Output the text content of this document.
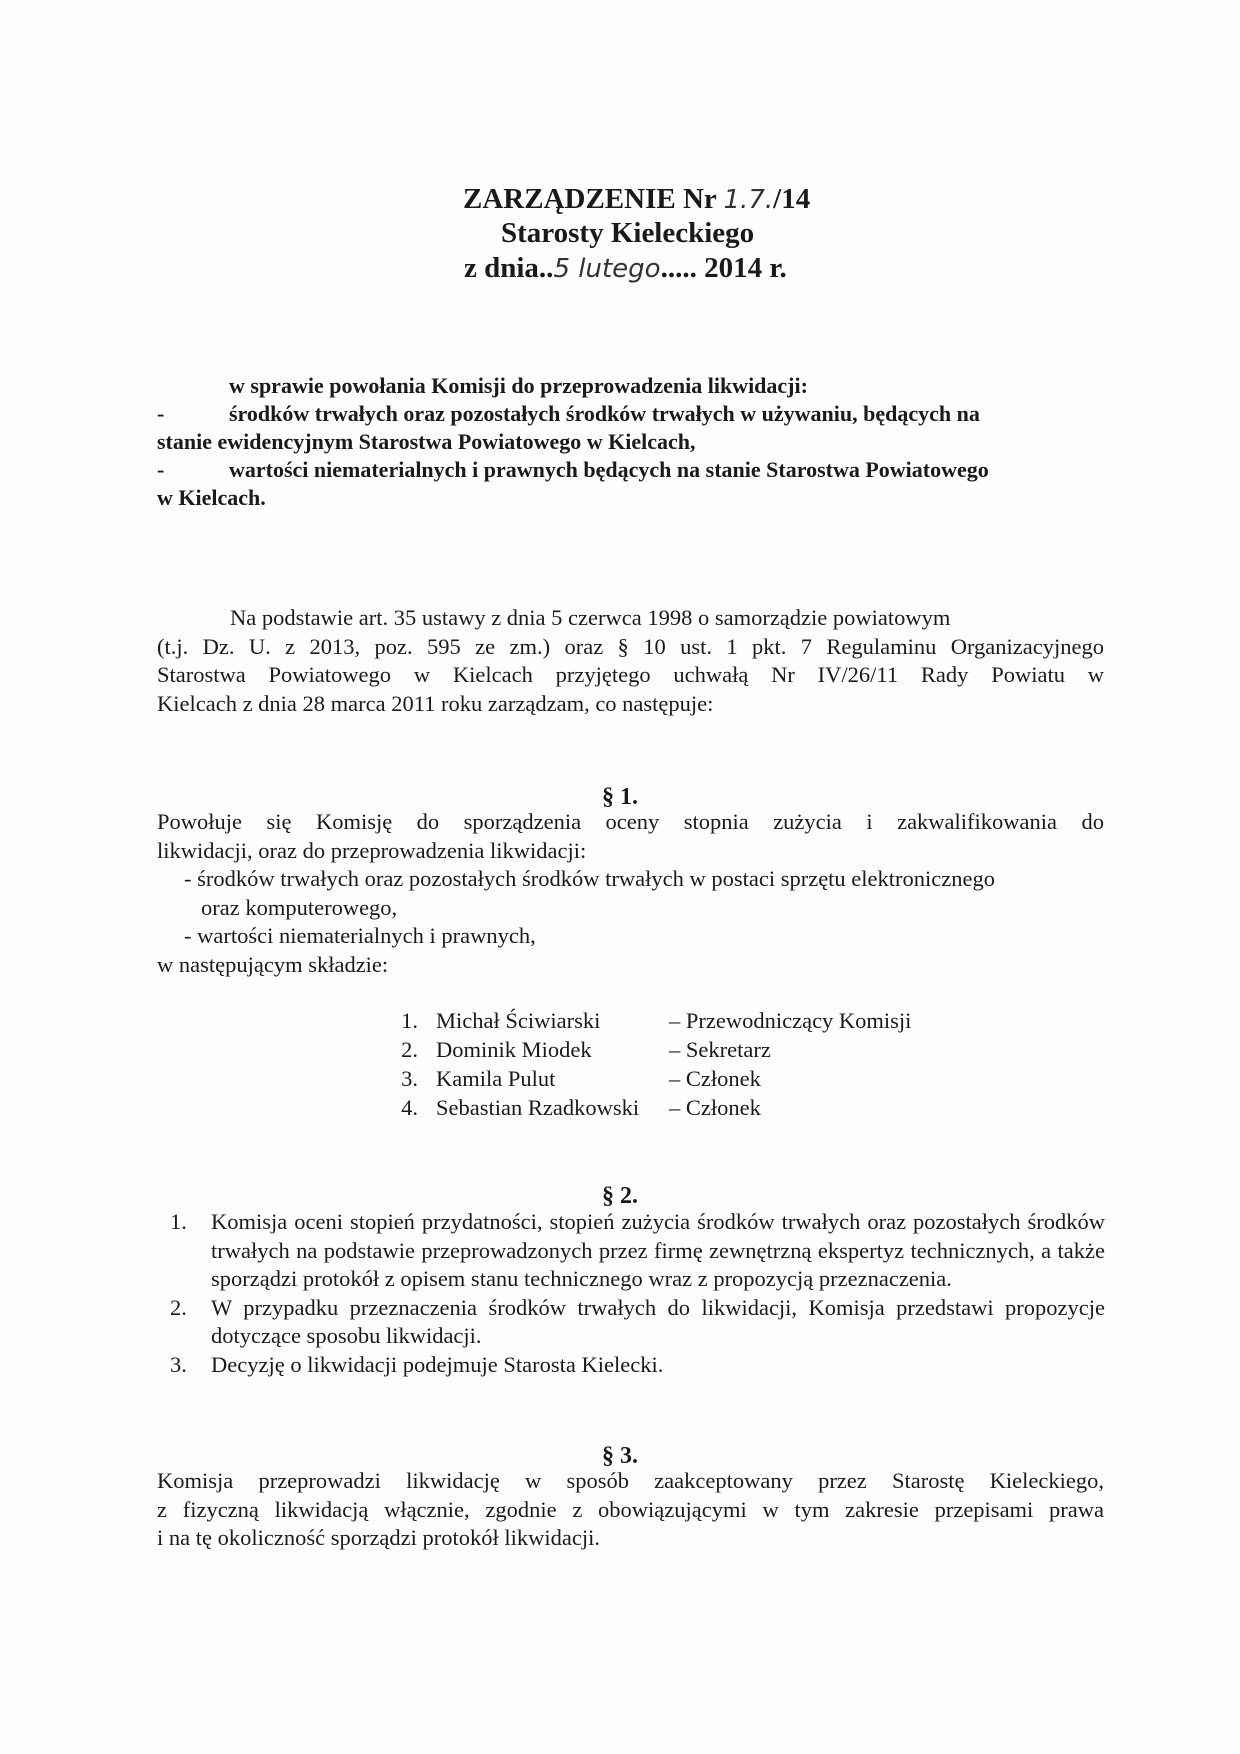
ZARZĄDZENIE Nr 1.7./14
Starosty Kieleckiego
z dnia..5 lutego..... 2014 r.
w sprawie powołania Komisji do przeprowadzenia likwidacji:
-	środków trwałych oraz pozostałych środków trwałych w używaniu, będących na
stanie ewidencyjnym Starostwa Powiatowego w Kielcach,
-	wartości niematerialnych i prawnych będących na stanie Starostwa Powiatowego
w Kielcach.
Na podstawie art. 35 ustawy z dnia 5 czerwca 1998 o samorządzie powiatowym
(t.j. Dz. U. z 2013, poz. 595 ze zm.) oraz § 10 ust. 1 pkt. 7 Regulaminu Organizacyjnego
Starostwa Powiatowego w Kielcach przyjętego uchwałą Nr IV/26/11 Rady Powiatu w
Kielcach z dnia 28 marca 2011 roku zarządzam, co następuje:
§ 1.
Powołuje się Komisję do sporządzenia oceny stopnia zużycia i zakwalifikowania do
likwidacji, oraz do przeprowadzenia likwidacji:
- środków trwałych oraz pozostałych środków trwałych w postaci sprzętu elektronicznego
oraz komputerowego,
- wartości niematerialnych i prawnych,
w następującym składzie:
1. Michał Ściwiarski	– Przewodniczący Komisji
2. Dominik Miodek	– Sekretarz
3. Kamila Pulut	– Członek
4. Sebastian Rzadkowski – Członek
§ 2.
1. Komisja oceni stopień przydatności, stopień zużycia środków trwałych oraz pozostałych środków trwałych na podstawie przeprowadzonych przez firmę zewnętrzną ekspertyz technicznych, a także sporządzi protokół z opisem stanu technicznego wraz z propozycją przeznaczenia.
2. W przypadku przeznaczenia środków trwałych do likwidacji, Komisja przedstawi propozycje dotyczące sposobu likwidacji.
3. Decyzję o likwidacji podejmuje Starosta Kielecki.
§ 3.
Komisja przeprowadzi likwidację w sposób zaakceptowany przez Starostę Kieleckiego,
z fizyczną likwidacją włącznie, zgodnie z obowiązującymi w tym zakresie przepisami prawa
i na tę okoliczność sporządzi protokół likwidacji.
